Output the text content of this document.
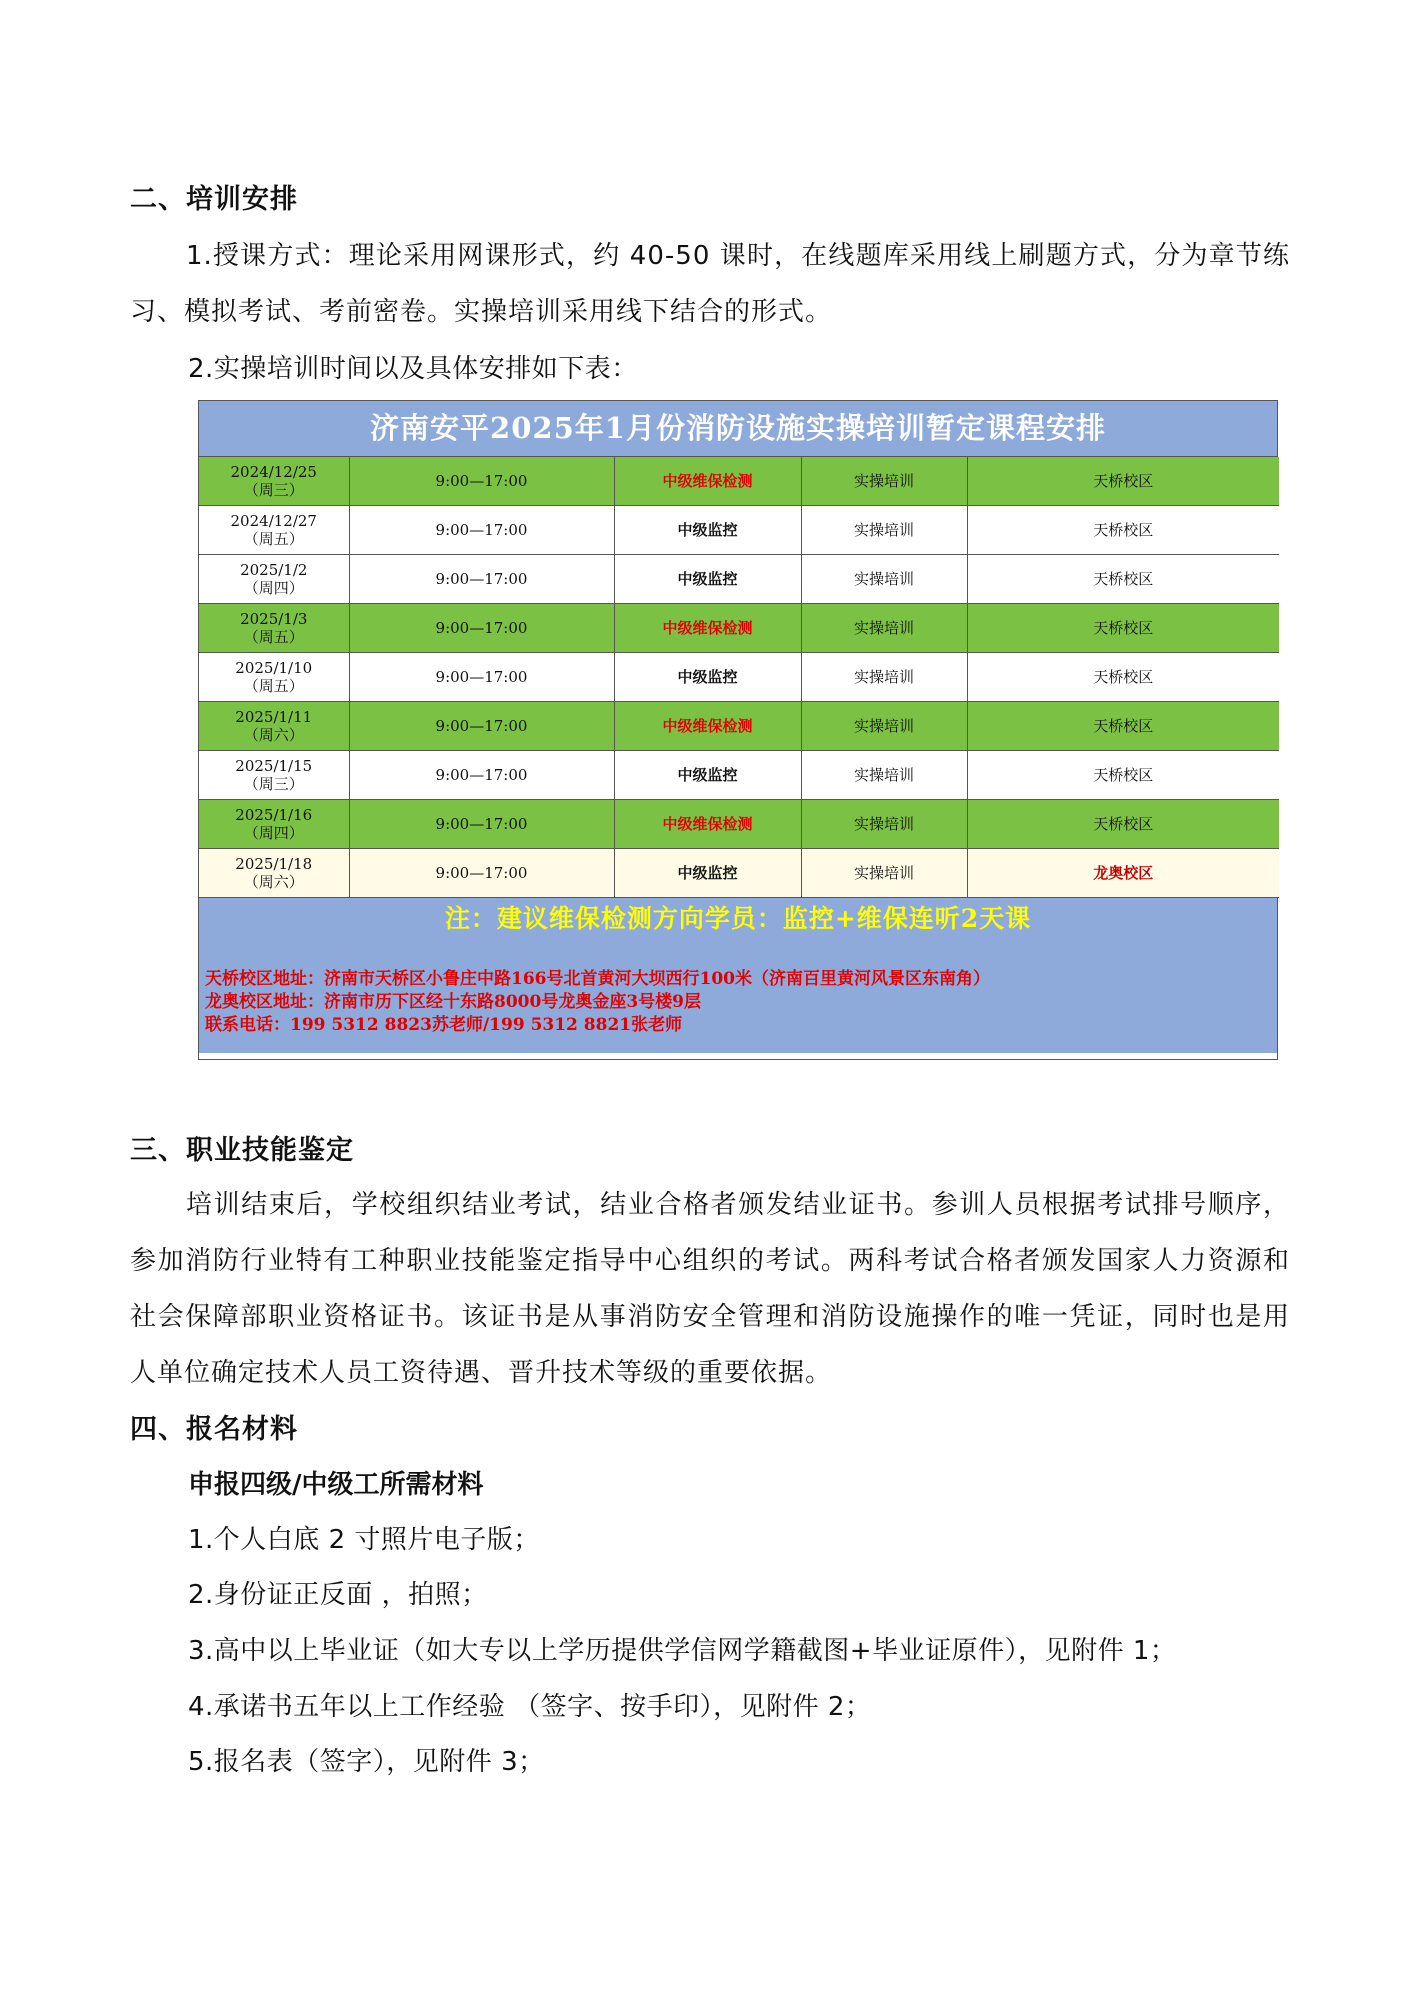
二、培训安排
1.授课方式：理论采用网课形式，约 40-50 课时，在线题库采用线上刷题方式，分为章节练习、模拟考试、考前密卷。实操培训采用线下结合的形式。
2.实操培训时间以及具体安排如下表：
济南安平2025年1月份消防设施实操培训暂定课程安排
2024/12/25
（周三）	9:00—17:00	中级维保检测	实操培训	天桥校区

2024/12/27
（周五）	9:00—17:00	中级监控	实操培训	天桥校区

2025/1/2
（周四）	9:00—17:00	中级监控	实操培训	天桥校区

2025/1/3
（周五）	9:00—17:00	中级维保检测	实操培训	天桥校区

2025/1/10
（周五）	9:00—17:00	中级监控	实操培训	天桥校区

2025/1/11
（周六）	9:00—17:00	中级维保检测	实操培训	天桥校区

2025/1/15
（周三）	9:00—17:00	中级监控	实操培训	天桥校区

2025/1/16
（周四）	9:00—17:00	中级维保检测	实操培训	天桥校区

2025/1/18
（周六）	9:00—17:00	中级监控	实操培训	龙奥校区
注：建议维保检测方向学员：监控+维保连听2天课
天桥校区地址：济南市天桥区小鲁庄中路166号北首黄河大坝西行100米（济南百里黄河风景区东南角）
龙奥校区地址：济南市历下区经十东路8000号龙奥金座3号楼9层
联系电话：199 5312 8823苏老师/199 5312 8821张老师
三、职业技能鉴定
培训结束后，学校组织结业考试，结业合格者颁发结业证书。参训人员根据考试排号顺序，参加消防行业特有工种职业技能鉴定指导中心组织的考试。两科考试合格者颁发国家人力资源和社会保障部职业资格证书。该证书是从事消防安全管理和消防设施操作的唯一凭证，同时也是用人单位确定技术人员工资待遇、晋升技术等级的重要依据。
四、报名材料
申报四级/中级工所需材料
1.个人白底 2 寸照片电子版；
2.身份证正反面 ，拍照；
3.高中以上毕业证（如大专以上学历提供学信网学籍截图+毕业证原件），见附件 1；
4.承诺书五年以上工作经验 （签字、按手印），见附件 2；
5.报名表（签字），见附件 3；
